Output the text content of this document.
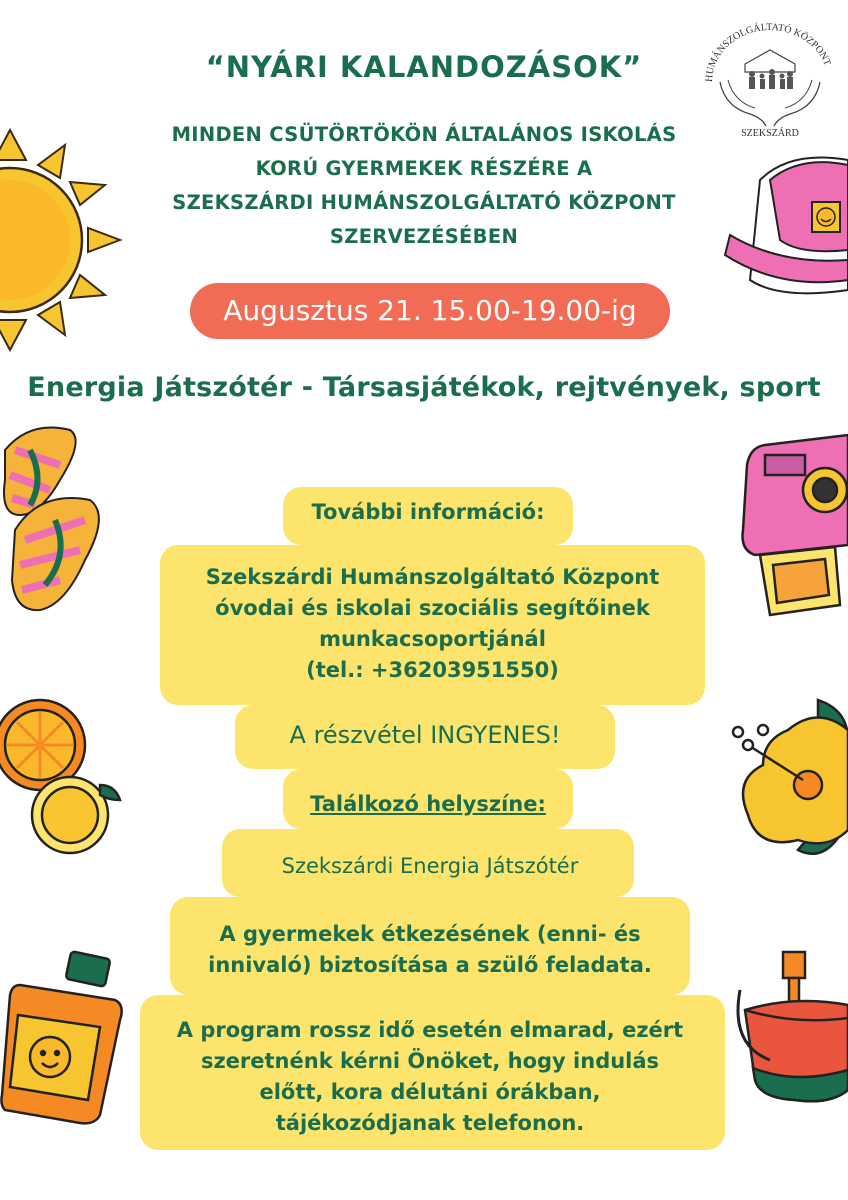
“NYÁRI KALANDOZÁSOK”
MINDEN CSÜTÖRTÖKÖN ÁLTALÁNOS ISKOLÁS
KORÚ GYERMEKEK RÉSZÉRE A
SZEKSZÁRDI HUMÁNSZOLGÁLTATÓ KÖZPONT
SZERVEZÉSÉBEN
Augusztus 21. 15.00-19.00-ig
Energia Játszótér - Társasjátékok, rejtvények, sport
További információ:
Szekszárdi Humánszolgáltató Központ
óvodai és iskolai szociális segítőinek
munkacsoportjánál
(tel.: +36203951550)
A részvétel INGYENES!
Találkozó helyszíne:
Szekszárdi Energia Játszótér
A gyermekek étkezésének (enni- és
innivaló) biztosítása a szülő feladata.
A program rossz idő esetén elmarad, ezért
szeretnénk kérni Önöket, hogy indulás
előtt, kora délutáni órákban,
tájékozódjanak telefonon.
HUMÁNSZOLGÁLTATÓ KÖZPONT
SZEKSZÁRD
